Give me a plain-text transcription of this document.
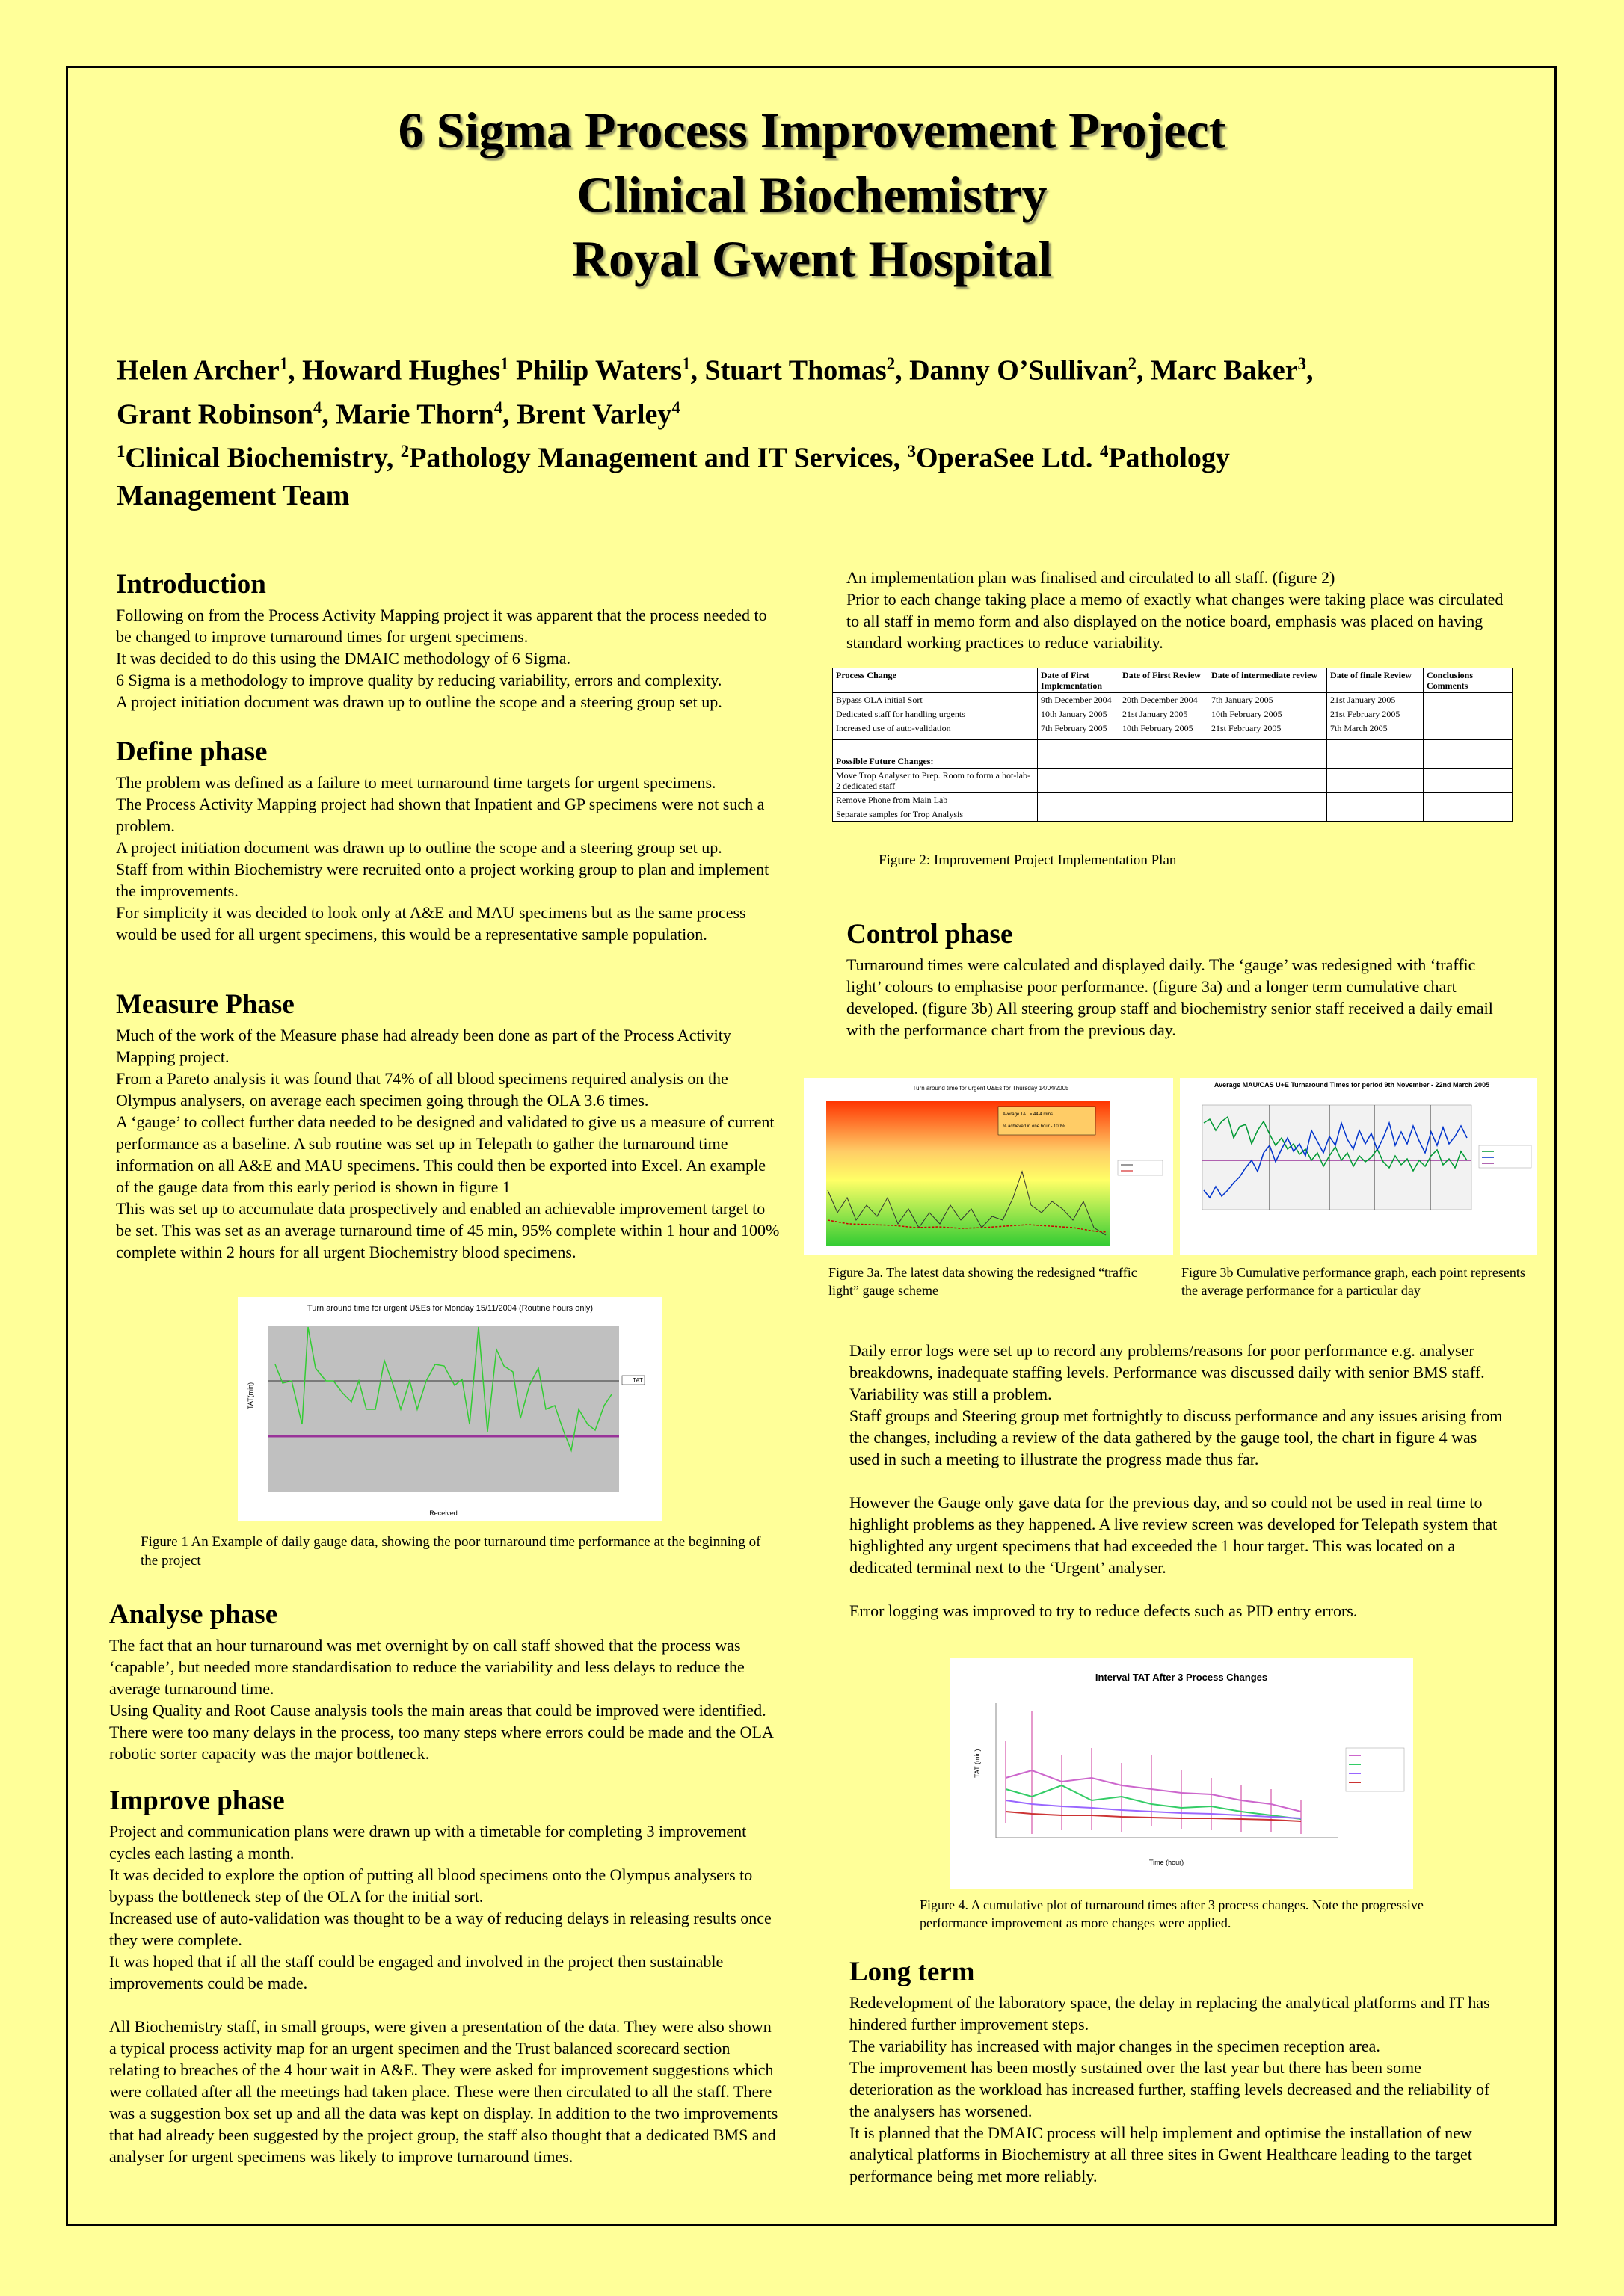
6 Sigma Process Improvement Project
Clinical Biochemistry
Royal Gwent Hospital
Helen Archer$^1$, Howard Hughes$^1$ Philip Waters$^1$, Stuart Thomas$^2$, Danny O’Sullivan$^2$, Marc Baker$^3$,
Grant Robinson$^4$, Marie Thorn$^4$, Brent Varley$^4$
$^1$Clinical Biochemistry, $^2$Pathology Management and IT Services, $^3$OperaSee Ltd. $^4$Pathology
Management Team
Introduction

Following on from the Process Activity Mapping project it was apparent that the process needed to be changed to improve turnaround times for urgent specimens.

It was decided to do this using the DMAIC methodology of 6 Sigma.

6 Sigma is a methodology to improve quality by reducing variability, errors and complexity.

A project initiation document was drawn up to outline the scope and a steering group set up.

Define phase

The problem was defined as a failure to meet turnaround time targets for urgent specimens.

The Process Activity Mapping project had shown that Inpatient and GP specimens were not such a problem.

A project initiation document was drawn up to outline the scope and a steering group set up.

Staff from within Biochemistry were recruited onto a project working group to plan and implement the improvements.

For simplicity it was decided to look only at A&E and MAU specimens but as the same process would be used for all urgent specimens, this would be a representative sample population.

Measure Phase

Much of the work of the Measure phase had already been done as part of the Process Activity Mapping project.

From a Pareto analysis it was found that 74% of all blood specimens required analysis on the Olympus analysers, on average each specimen going through the OLA 3.6 times.

A ‘gauge’ to collect further data needed to be designed and validated to give us a measure of current performance as a baseline. A sub routine was set up in Telepath to gather the turnaround time information on all A&E and MAU specimens. This could then be exported into Excel. An example of the gauge data from this early period is shown in figure 1

This was set up to accumulate data prospectively and enabled an achievable improvement target to be set. This was set as an average turnaround time of 45 min, 95% complete within 1 hour and 100% complete within 2 hours for all urgent Biochemistry blood specimens.

Turn around time for urgent U&Es for Monday 15/11/2004 (Routine hours only)
TAT(min)
Received
TAT
Figure 1 An Example of daily gauge data, showing the poor turnaround time performance at the beginning of the project
Analyse phase

The fact that an hour turnaround was met overnight by on call staff showed that the process was ‘capable’, but needed more standardisation to reduce the variability and less delays to reduce the average turnaround time.

Using Quality and Root Cause analysis tools the main areas that could be improved were identified. There were too many delays in the process, too many steps where errors could be made and the OLA robotic sorter capacity was the major bottleneck.

Improve phase

Project and communication plans were drawn up with a timetable for completing 3 improvement cycles each lasting a month.

It was decided to explore the option of putting all blood specimens onto the Olympus analysers to bypass the bottleneck step of the OLA for the initial sort.

Increased use of auto-validation was thought to be a way of reducing delays in releasing results once they were complete.

It was hoped that if all the staff could be engaged and involved in the project then sustainable improvements could be made.

All Biochemistry staff, in small groups, were given a presentation of the data. They were also shown a typical process activity map for an urgent specimen and the Trust balanced scorecard section relating to breaches of the 4 hour wait in A&E. They were asked for improvement suggestions which were collated after all the meetings had taken place. These were then circulated to all the staff. There was a suggestion box set up and all the data was kept on display. In addition to the two improvements that had already been suggested by the project group, the staff also thought that a dedicated BMS and analyser for urgent specimens was likely to improve turnaround times.

An implementation plan was finalised and circulated to all staff. (figure 2)

Prior to each change taking place a memo of exactly what changes were taking place was circulated to all staff in memo form and also displayed on the notice board, emphasis was placed on having standard working practices to reduce variability.

Process Change	Date of First Implementation	Date of First Review	Date of intermediate review	Date of finale Review	Conclusions Comments
Bypass OLA initial Sort	9th December 2004	20th December 2004	7th January 2005	21st January 2005	
Dedicated staff for handling urgents	10th January 2005	21st January 2005	10th February 2005	21st February 2005	
Increased use of auto-validation	7th February 2005	10th February 2005	21st February 2005	7th March 2005	

Possible Future Changes:					
Move Trop Analyser to Prep. Room to form a hot-lab- 2 dedicated staff					
Remove Phone from Main Lab					
Separate samples for Trop Analysis					
Figure 2: Improvement Project Implementation Plan
Control phase

Turnaround times were calculated and displayed daily. The ‘gauge’ was redesigned with ‘traffic light’ colours to emphasise poor performance. (figure 3a) and a longer term cumulative chart developed. (figure 3b) All steering group staff and biochemistry senior staff received a daily email with the performance chart from the previous day.

Turn around time for urgent U&Es for Thursday 14/04/2005
Average TAT = 44.4 mins
% achieved in one hour - 100%
Figure 3a. The latest data showing the redesigned “traffic light” gauge scheme
Average MAU/CAS U+E Turnaround Times for period 9th November - 22nd March 2005
Figure 3b Cumulative performance graph, each point represents the average performance for a particular day

Daily error logs were set up to record any problems/reasons for poor performance e.g. analyser breakdowns, inadequate staffing levels. Performance was discussed daily with senior BMS staff. Variability was still a problem.

Staff groups and Steering group met fortnightly to discuss performance and any issues arising from the changes, including a review of the data gathered by the gauge tool, the chart in figure 4 was used in such a meeting to illustrate the progress made thus far.

However the Gauge only gave data for the previous day, and so could not be used in real time to highlight problems as they happened. A live review screen was developed for Telepath system that highlighted any urgent specimens that had exceeded the 1 hour target. This was located on a dedicated terminal next to the ‘Urgent’ analyser.

Error logging was improved to try to reduce defects such as PID entry errors.

Interval TAT After 3 Process Changes
Time (hour)
TAT (min)
Figure 4. A cumulative plot of turnaround times after 3 process changes. Note the progressive performance improvement as more changes were applied.
Long term

Redevelopment of the laboratory space, the delay in replacing the analytical platforms and IT has hindered further improvement steps.

The variability has increased with major changes in the specimen reception area.

The improvement has been mostly sustained over the last year but there has been some deterioration as the workload has increased further, staffing levels decreased and the reliability of the analysers has worsened.

It is planned that the DMAIC process will help implement and optimise the installation of new analytical platforms in Biochemistry at all three sites in Gwent Healthcare leading to the target performance being met more reliably.
